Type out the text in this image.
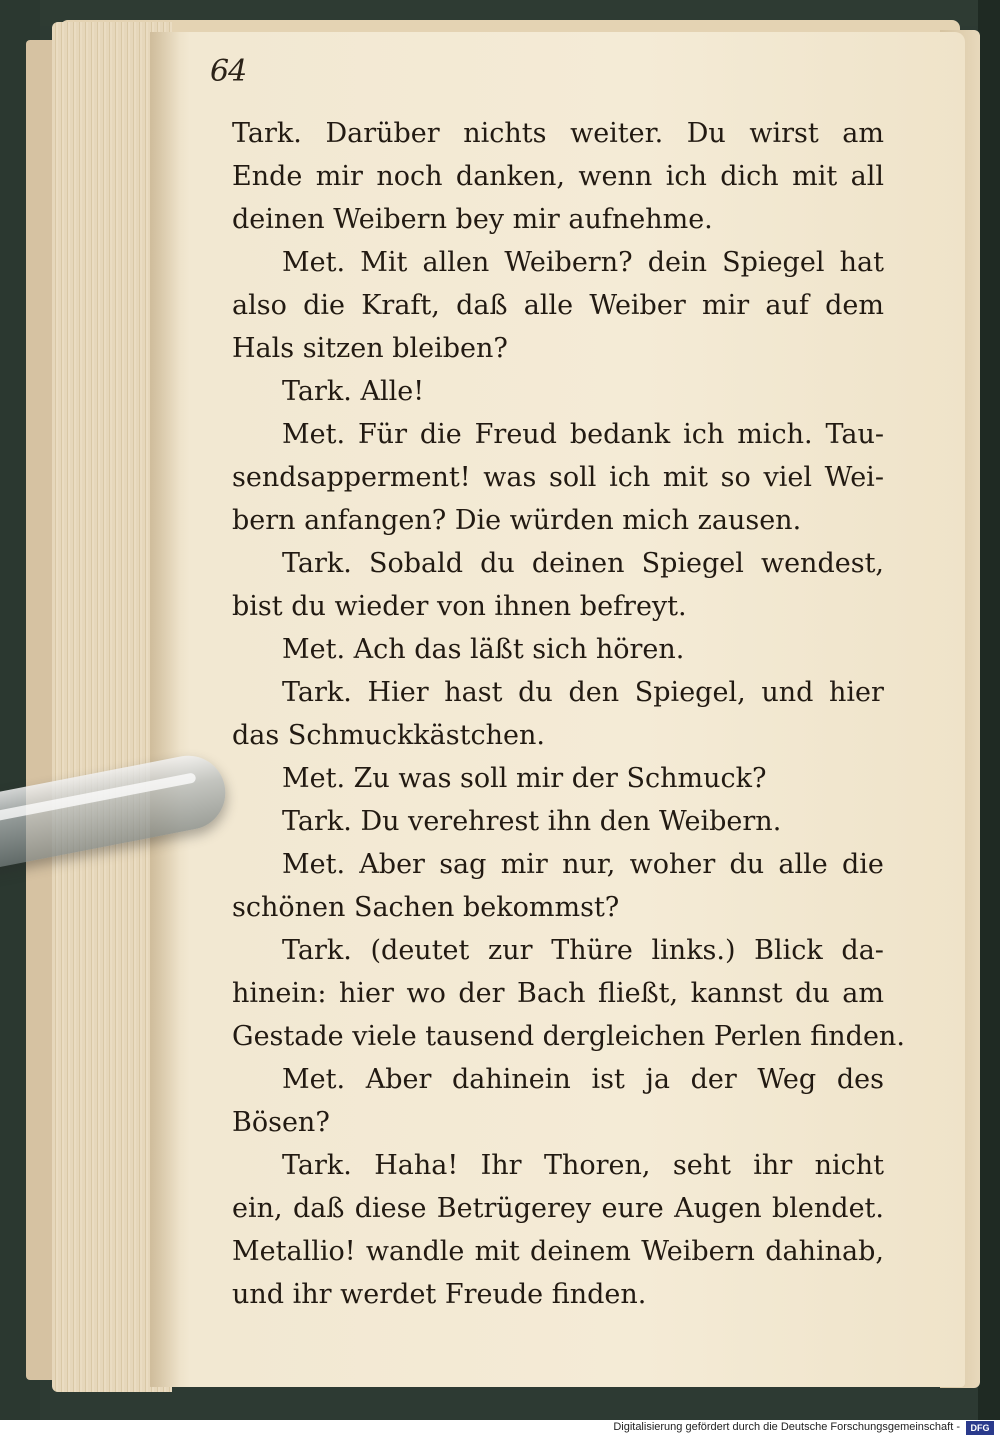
64
Tark. Darüber nichts weiter. Du wirst am
Ende mir noch danken, wenn ich dich mit all
deinen Weibern bey mir aufnehme.
Met. Mit allen Weibern? dein Spiegel hat
also die Kraft, daß alle Weiber mir auf dem
Hals sitzen bleiben?
Tark. Alle!
Met. Für die Freud bedank ich mich. Tau-
sendsapperment! was soll ich mit so viel Wei-
bern anfangen? Die würden mich zausen.
Tark. Sobald du deinen Spiegel wendest,
bist du wieder von ihnen befreyt.
Met. Ach das läßt sich hören.
Tark. Hier hast du den Spiegel, und hier
das Schmuckkästchen.
Met. Zu was soll mir der Schmuck?
Tark. Du verehrest ihn den Weibern.
Met. Aber sag mir nur, woher du alle die
schönen Sachen bekommst?
Tark. (deutet zur Thüre links.) Blick da-
hinein: hier wo der Bach fließt, kannst du am
Gestade viele tausend dergleichen Perlen finden.
Met. Aber dahinein ist ja der Weg des
Bösen?
Tark. Haha! Ihr Thoren, seht ihr nicht
ein, daß diese Betrügerey eure Augen blendet.
Metallio! wandle mit deinem Weibern dahinab,
und ihr werdet Freude finden.
Digitalisierung gefördert durch die Deutsche Forschungsgemeinschaft -	DFG
